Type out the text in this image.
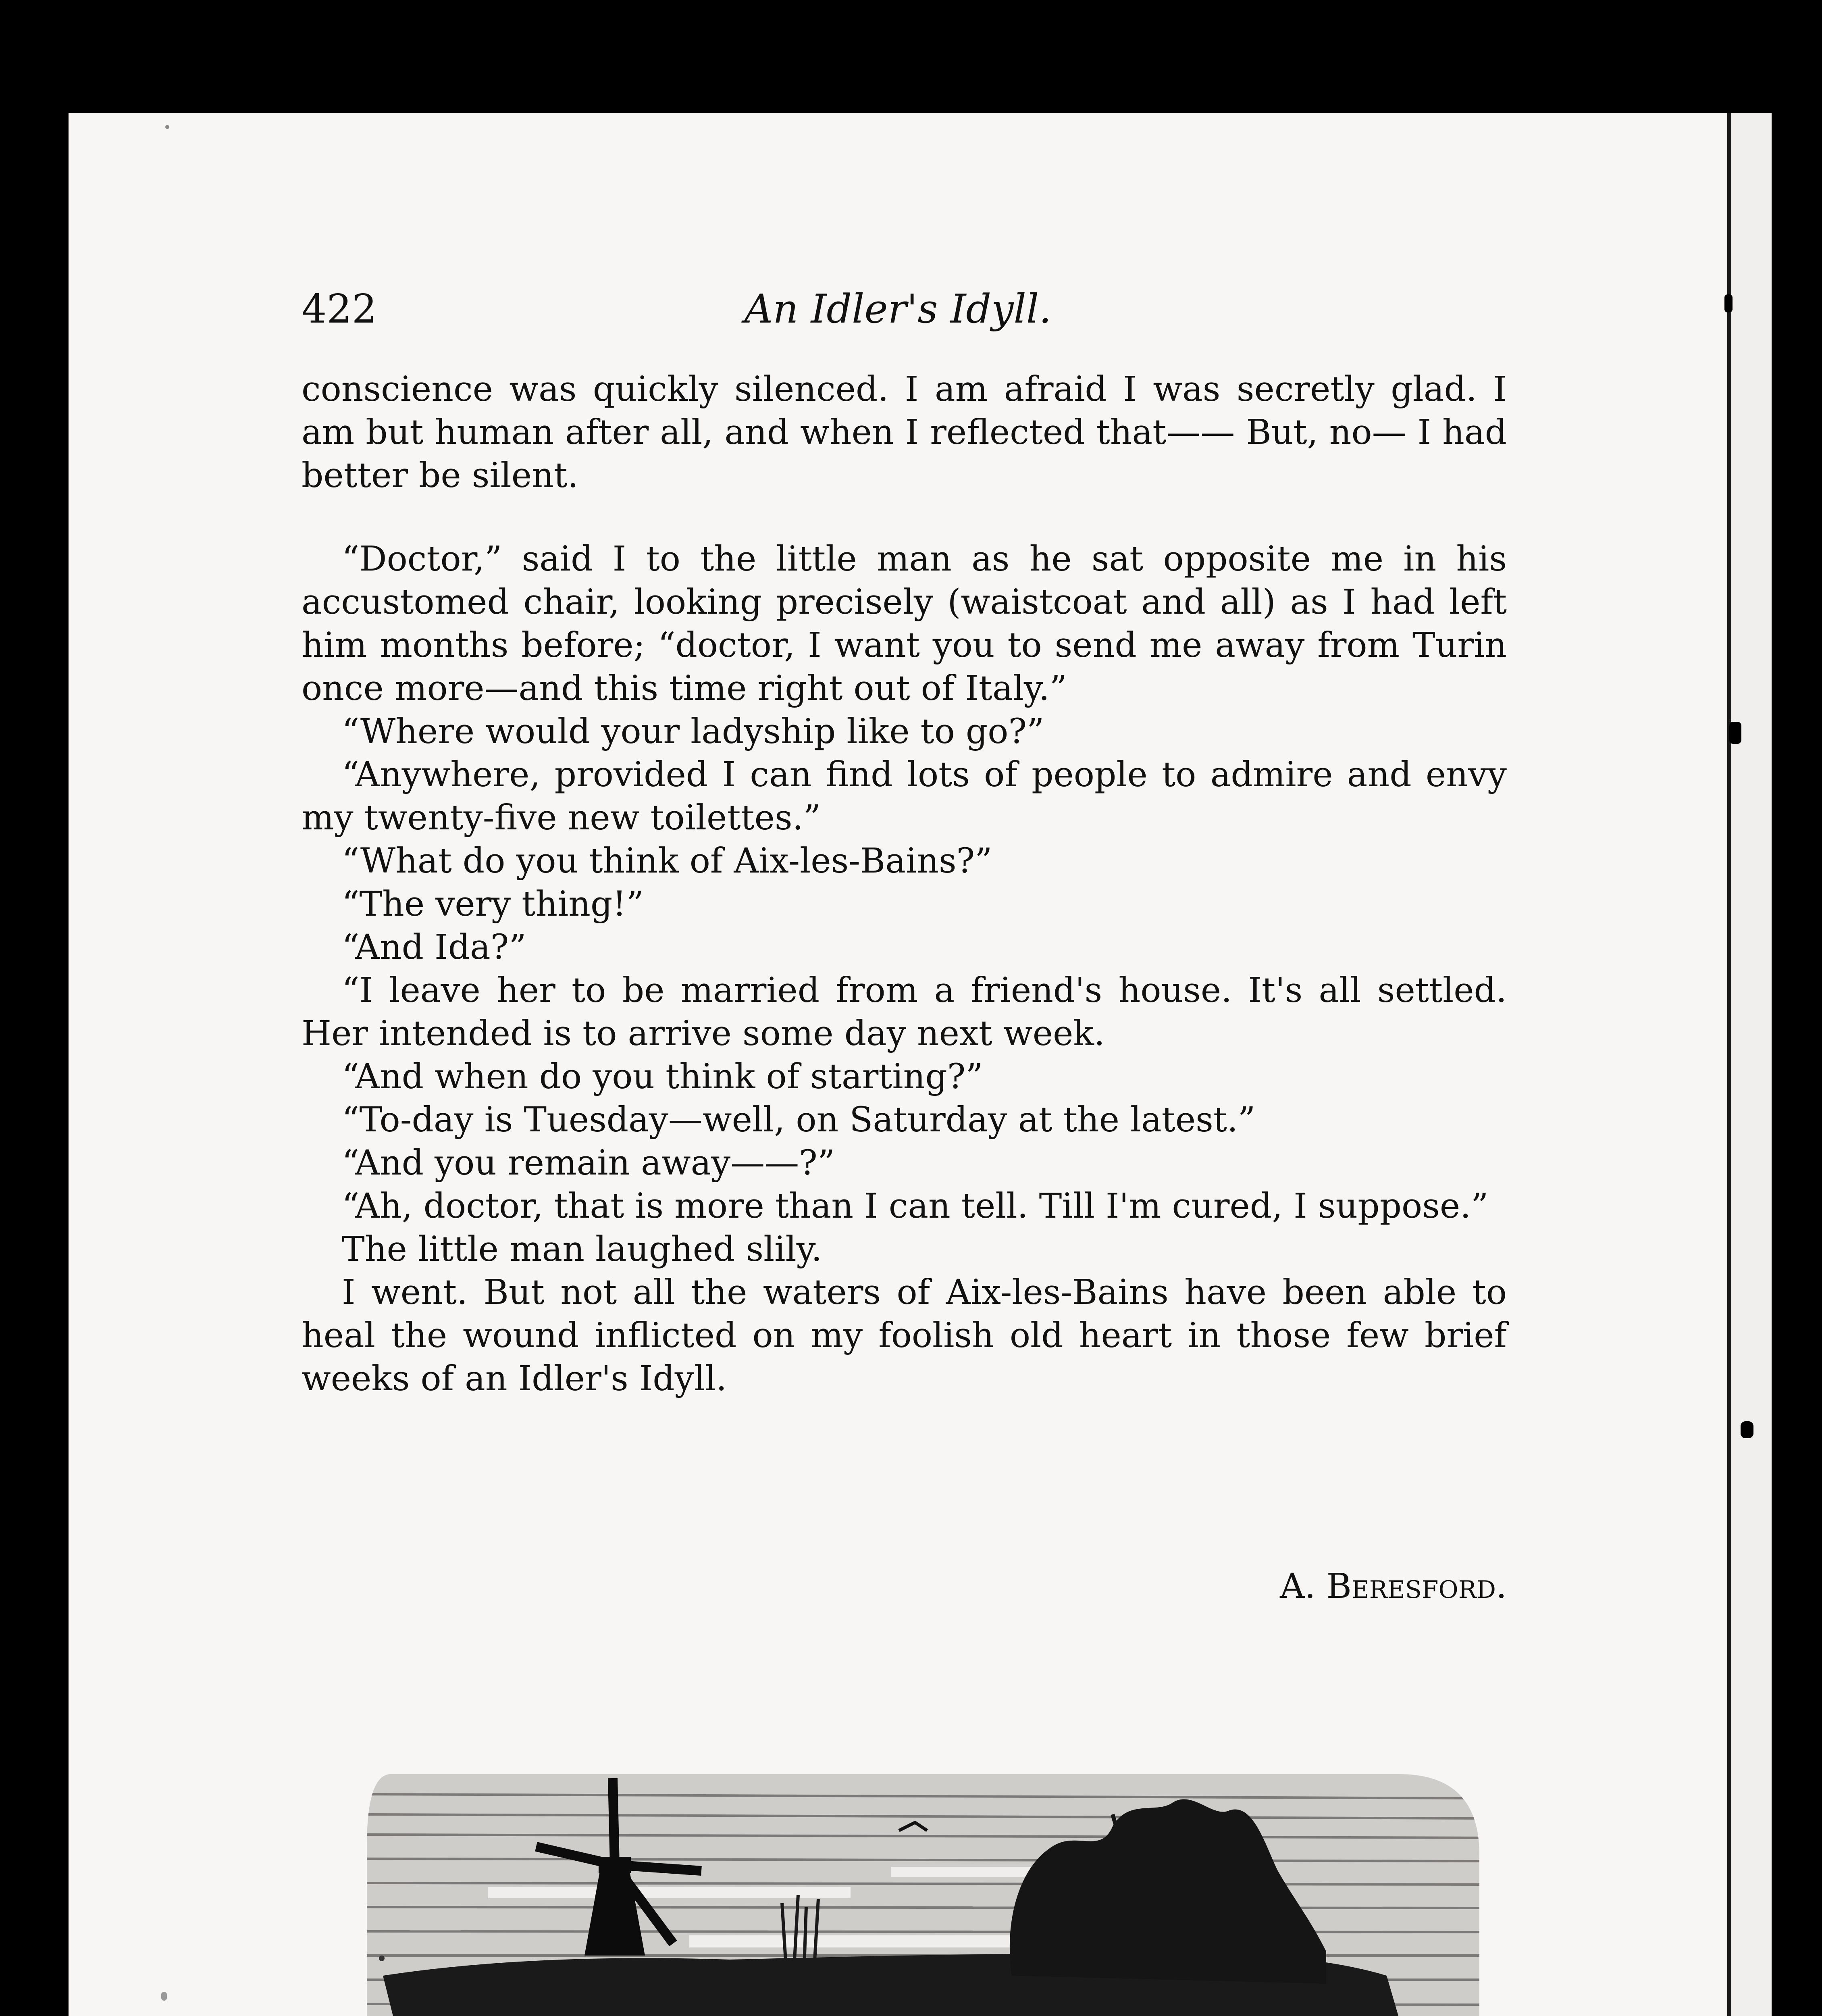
422	An Idler's Idyll.

conscience was quickly silenced. I am afraid I was secretly glad. I am but human after all, and when I reflected that—— But, no— I had better be silent.

“Doctor,” said I to the little man as he sat opposite me in his accustomed chair, looking precisely (waistcoat and all) as I had left him months before; “doctor, I want you to send me away from Turin once more—and this time right out of Italy.”

“Where would your ladyship like to go?”

“Anywhere, provided I can find lots of people to admire and envy my twenty-five new toilettes.”

“What do you think of Aix-les-Bains?”

“The very thing!”

“And Ida?”

“I leave her to be married from a friend's house. It's all settled. Her intended is to arrive some day next week.

“And when do you think of starting?”

“To-day is Tuesday—well, on Saturday at the latest.”

“And you remain away——?”

“Ah, doctor, that is more than I can tell. Till I'm cured, I suppose.”

The little man laughed slily.

I went. But not all the waters of Aix-les-Bains have been able to heal the wound inflicted on my foolish old heart in those few brief weeks of an Idler's Idyll.

A. Beresford.
